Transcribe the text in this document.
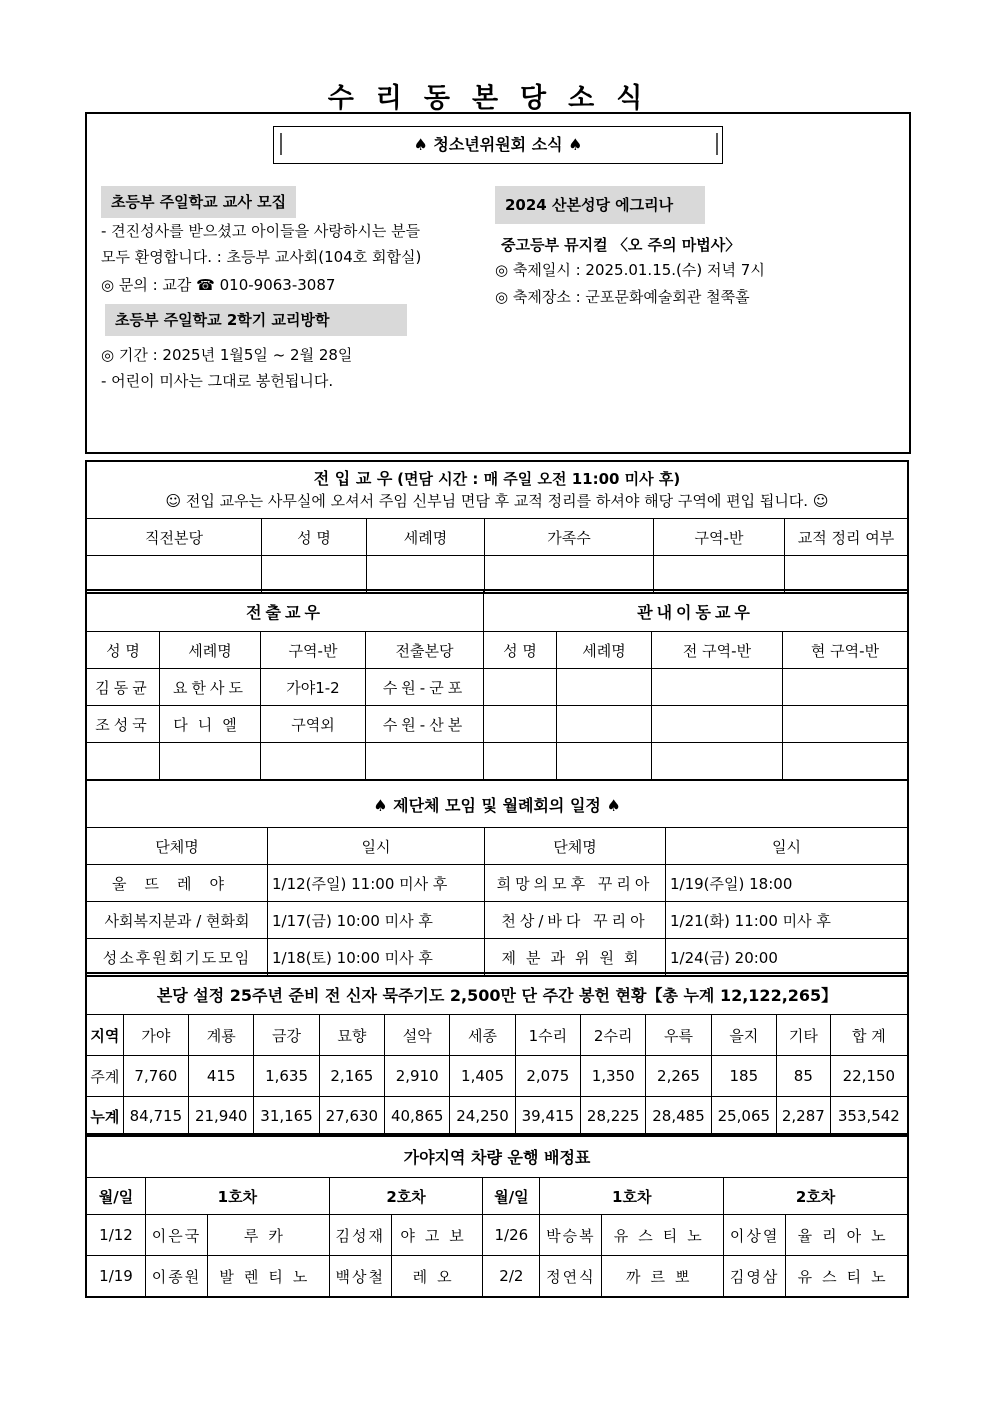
수리동본당소식
♠ 청소년위원회 소식 ♠
초등부 주일학교 교사 모집
- 견진성사를 받으셨고 아이들을 사랑하시는 분들
모두 환영합니다. : 초등부 교사회(104호 회합실)
◎ 문의 : 교감 ☎ 010-9063-3087
초등부 주일학교 2학기 교리방학
◎ 기간 : 2025년 1월5일 ~ 2월 28일
- 어린이 미사는 그대로 봉헌됩니다.
2024 산본성당 에그리나
중고등부 뮤지컬 〈오 주의 마법사〉
◎ 축제일시 : 2025.01.15.(수) 저녁 7시
◎ 축제장소 : 군포문화예술회관 철쭉홀
전 입 교 우 (면담 시간 : 매 주일 오전 11:00 미사 후)
☺ 전입 교우는 사무실에 오셔서 주임 신부님 면담 후 교적 정리를 하셔야 해당 구역에 편입 됩니다. ☺					
직전본당	성 명	세례명	가족수	구역-반	교적 정리 여부

전출교우				관내이동교우			
성 명	세례명	구역-반	전출본당	성 명	세례명	전 구역-반	현 구역-반
김동균	요한사도	가야1-2	수원-군포				
조성국	다니엘	구역외	수원-산본				

♠ 제단체 모임 및 월례회의 일정 ♠			
단체명	일시	단체명	일시
울뜨레야	1/12(주일) 11:00 미사 후	희망의모후 꾸리아	1/19(주일) 18:00
사회복지분과 / 현화회	1/17(금) 10:00 미사 후	천상/바다 꾸리아	1/21(화) 11:00 미사 후
성소후원회기도모임	1/18(토) 10:00 미사 후	제분과위원회	1/24(금) 20:00
본당 설정 25주년 준비 전 신자 묵주기도 2,500만 단 주간 봉헌 현황【총 누계 12,122,265】												
지역	가야	계룡	금강	묘향	설악	세종	1수리	2수리	우륵	을지	기타	합 계
주계	7,760	415	1,635	2,165	2,910	1,405	2,075	1,350	2,265	185	85	22,150
누계	84,715	21,940	31,165	27,630	40,865	24,250	39,415	28,225	28,485	25,065	2,287	353,542
가야지역 차량 운행 배정표									
월/일	1호차		2호차		월/일	1호차		2호차	
1/12	이은국	루카	김성재	야고보	1/26	박승복	유스티노	이상열	율리아노
1/19	이종원	발렌티노	백상철	레오	2/2	정연식	까르뽀	김영삼	유스티노
